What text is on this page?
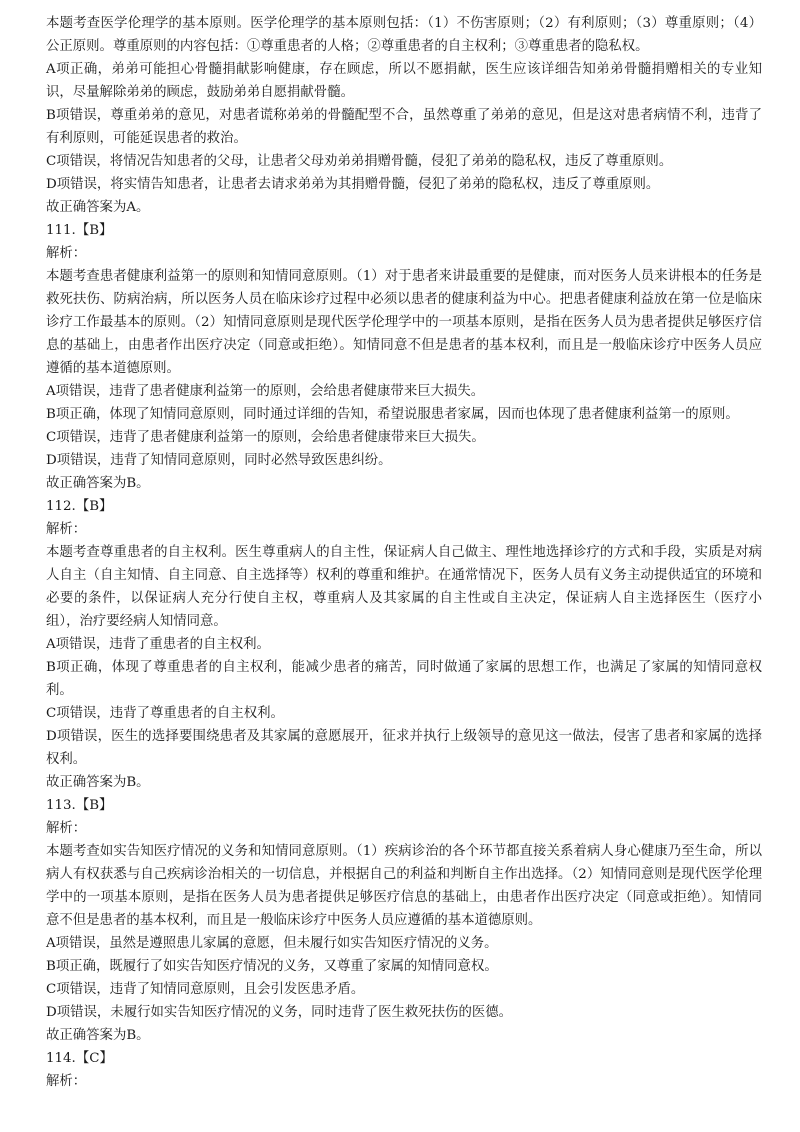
本题考查医学伦理学的基本原则。医学伦理学的基本原则包括：（1）不伤害原则；（2）有利原则；（3）尊重原则；（4）公正原则。尊重原则的内容包括：①尊重患者的人格；②尊重患者的自主权利；③尊重患者的隐私权。

A项正确，弟弟可能担心骨髓捐献影响健康，存在顾虑，所以不愿捐献，医生应该详细告知弟弟骨髓捐赠相关的专业知识，尽量解除弟弟的顾虑，鼓励弟弟自愿捐献骨髓。

B项错误，尊重弟弟的意见，对患者谎称弟弟的骨髓配型不合，虽然尊重了弟弟的意见，但是这对患者病情不利，违背了有利原则，可能延误患者的救治。

C项错误，将情况告知患者的父母，让患者父母劝弟弟捐赠骨髓，侵犯了弟弟的隐私权，违反了尊重原则。

D项错误，将实情告知患者，让患者去请求弟弟为其捐赠骨髓，侵犯了弟弟的隐私权，违反了尊重原则。

故正确答案为A。

111.【B】

解析：

本题考查患者健康利益第一的原则和知情同意原则。（1）对于患者来讲最重要的是健康，而对医务人员来讲根本的任务是救死扶伤、防病治病，所以医务人员在临床诊疗过程中必须以患者的健康利益为中心。把患者健康利益放在第一位是临床诊疗工作最基本的原则。（2）知情同意原则是现代医学伦理学中的一项基本原则，是指在医务人员为患者提供足够医疗信息的基础上，由患者作出医疗决定（同意或拒绝）。知情同意不但是患者的基本权利，而且是一般临床诊疗中医务人员应遵循的基本道德原则。

A项错误，违背了患者健康利益第一的原则，会给患者健康带来巨大损失。

B项正确，体现了知情同意原则，同时通过详细的告知，希望说服患者家属，因而也体现了患者健康利益第一的原则。

C项错误，违背了患者健康利益第一的原则，会给患者健康带来巨大损失。

D项错误，违背了知情同意原则，同时必然导致医患纠纷。

故正确答案为B。

112.【B】

解析：

本题考查尊重患者的自主权利。医生尊重病人的自主性，保证病人自己做主、理性地选择诊疗的方式和手段，实质是对病人自主（自主知情、自主同意、自主选择等）权利的尊重和维护。在通常情况下，医务人员有义务主动提供适宜的环境和必要的条件，以保证病人充分行使自主权，尊重病人及其家属的自主性或自主决定，保证病人自主选择医生（医疗小组），治疗要经病人知情同意。

A项错误，违背了重患者的自主权利。

B项正确，体现了尊重患者的自主权利，能减少患者的痛苦，同时做通了家属的思想工作，也满足了家属的知情同意权利。

C项错误，违背了尊重患者的自主权利。

D项错误，医生的选择要围绕患者及其家属的意愿展开，征求并执行上级领导的意见这一做法，侵害了患者和家属的选择权利。

故正确答案为B。

113.【B】

解析：

本题考查如实告知医疗情况的义务和知情同意原则。（1）疾病诊治的各个环节都直接关系着病人身心健康乃至生命，所以病人有权获悉与自己疾病诊治相关的一切信息，并根据自己的利益和判断自主作出选择。（2）知情同意则是现代医学伦理学中的一项基本原则，是指在医务人员为患者提供足够医疗信息的基础上，由患者作出医疗决定（同意或拒绝）。知情同意不但是患者的基本权利，而且是一般临床诊疗中医务人员应遵循的基本道德原则。

A项错误，虽然是遵照患儿家属的意愿，但未履行如实告知医疗情况的义务。

B项正确，既履行了如实告知医疗情况的义务，又尊重了家属的知情同意权。

C项错误，违背了知情同意原则，且会引发医患矛盾。

D项错误，未履行如实告知医疗情况的义务，同时违背了医生救死扶伤的医德。

故正确答案为B。

114.【C】

解析：
